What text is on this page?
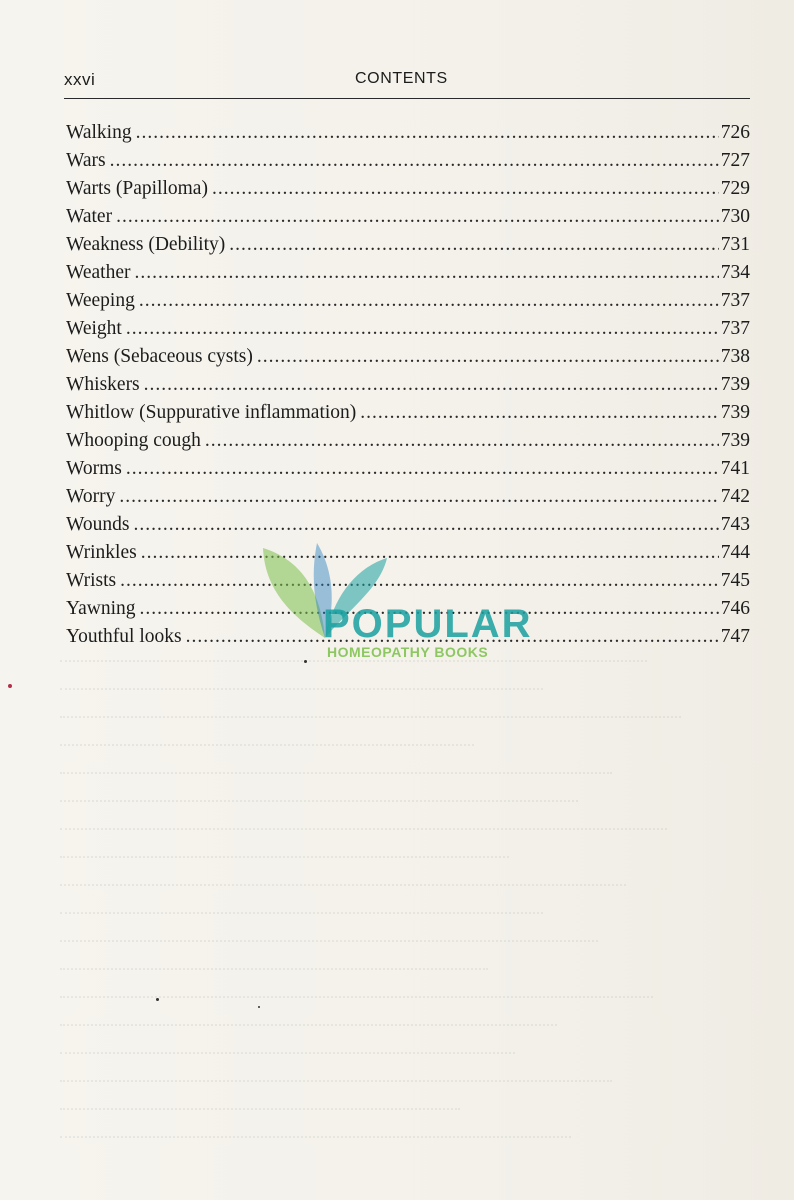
xxvi	CONTENTS
Walking .....	726
Wars .....	727
Warts (Papilloma) .....	729
Water .....	730
Weakness (Debility) .....	731
Weather .....	734
Weeping .....	737
Weight .....	737
Wens (Sebaceous cysts) .....	738
Whiskers .....	739
Whitlow (Suppurative inflammation) .....	739
Whooping cough .....	739
Worms .....	741
Worry .....	742
Wounds .....	743
Wrinkles .....	744
Wrists .....	745
Yawning .....	746
Youthful looks .....	747
POPULAR
HOMEOPATHY BOOKS
